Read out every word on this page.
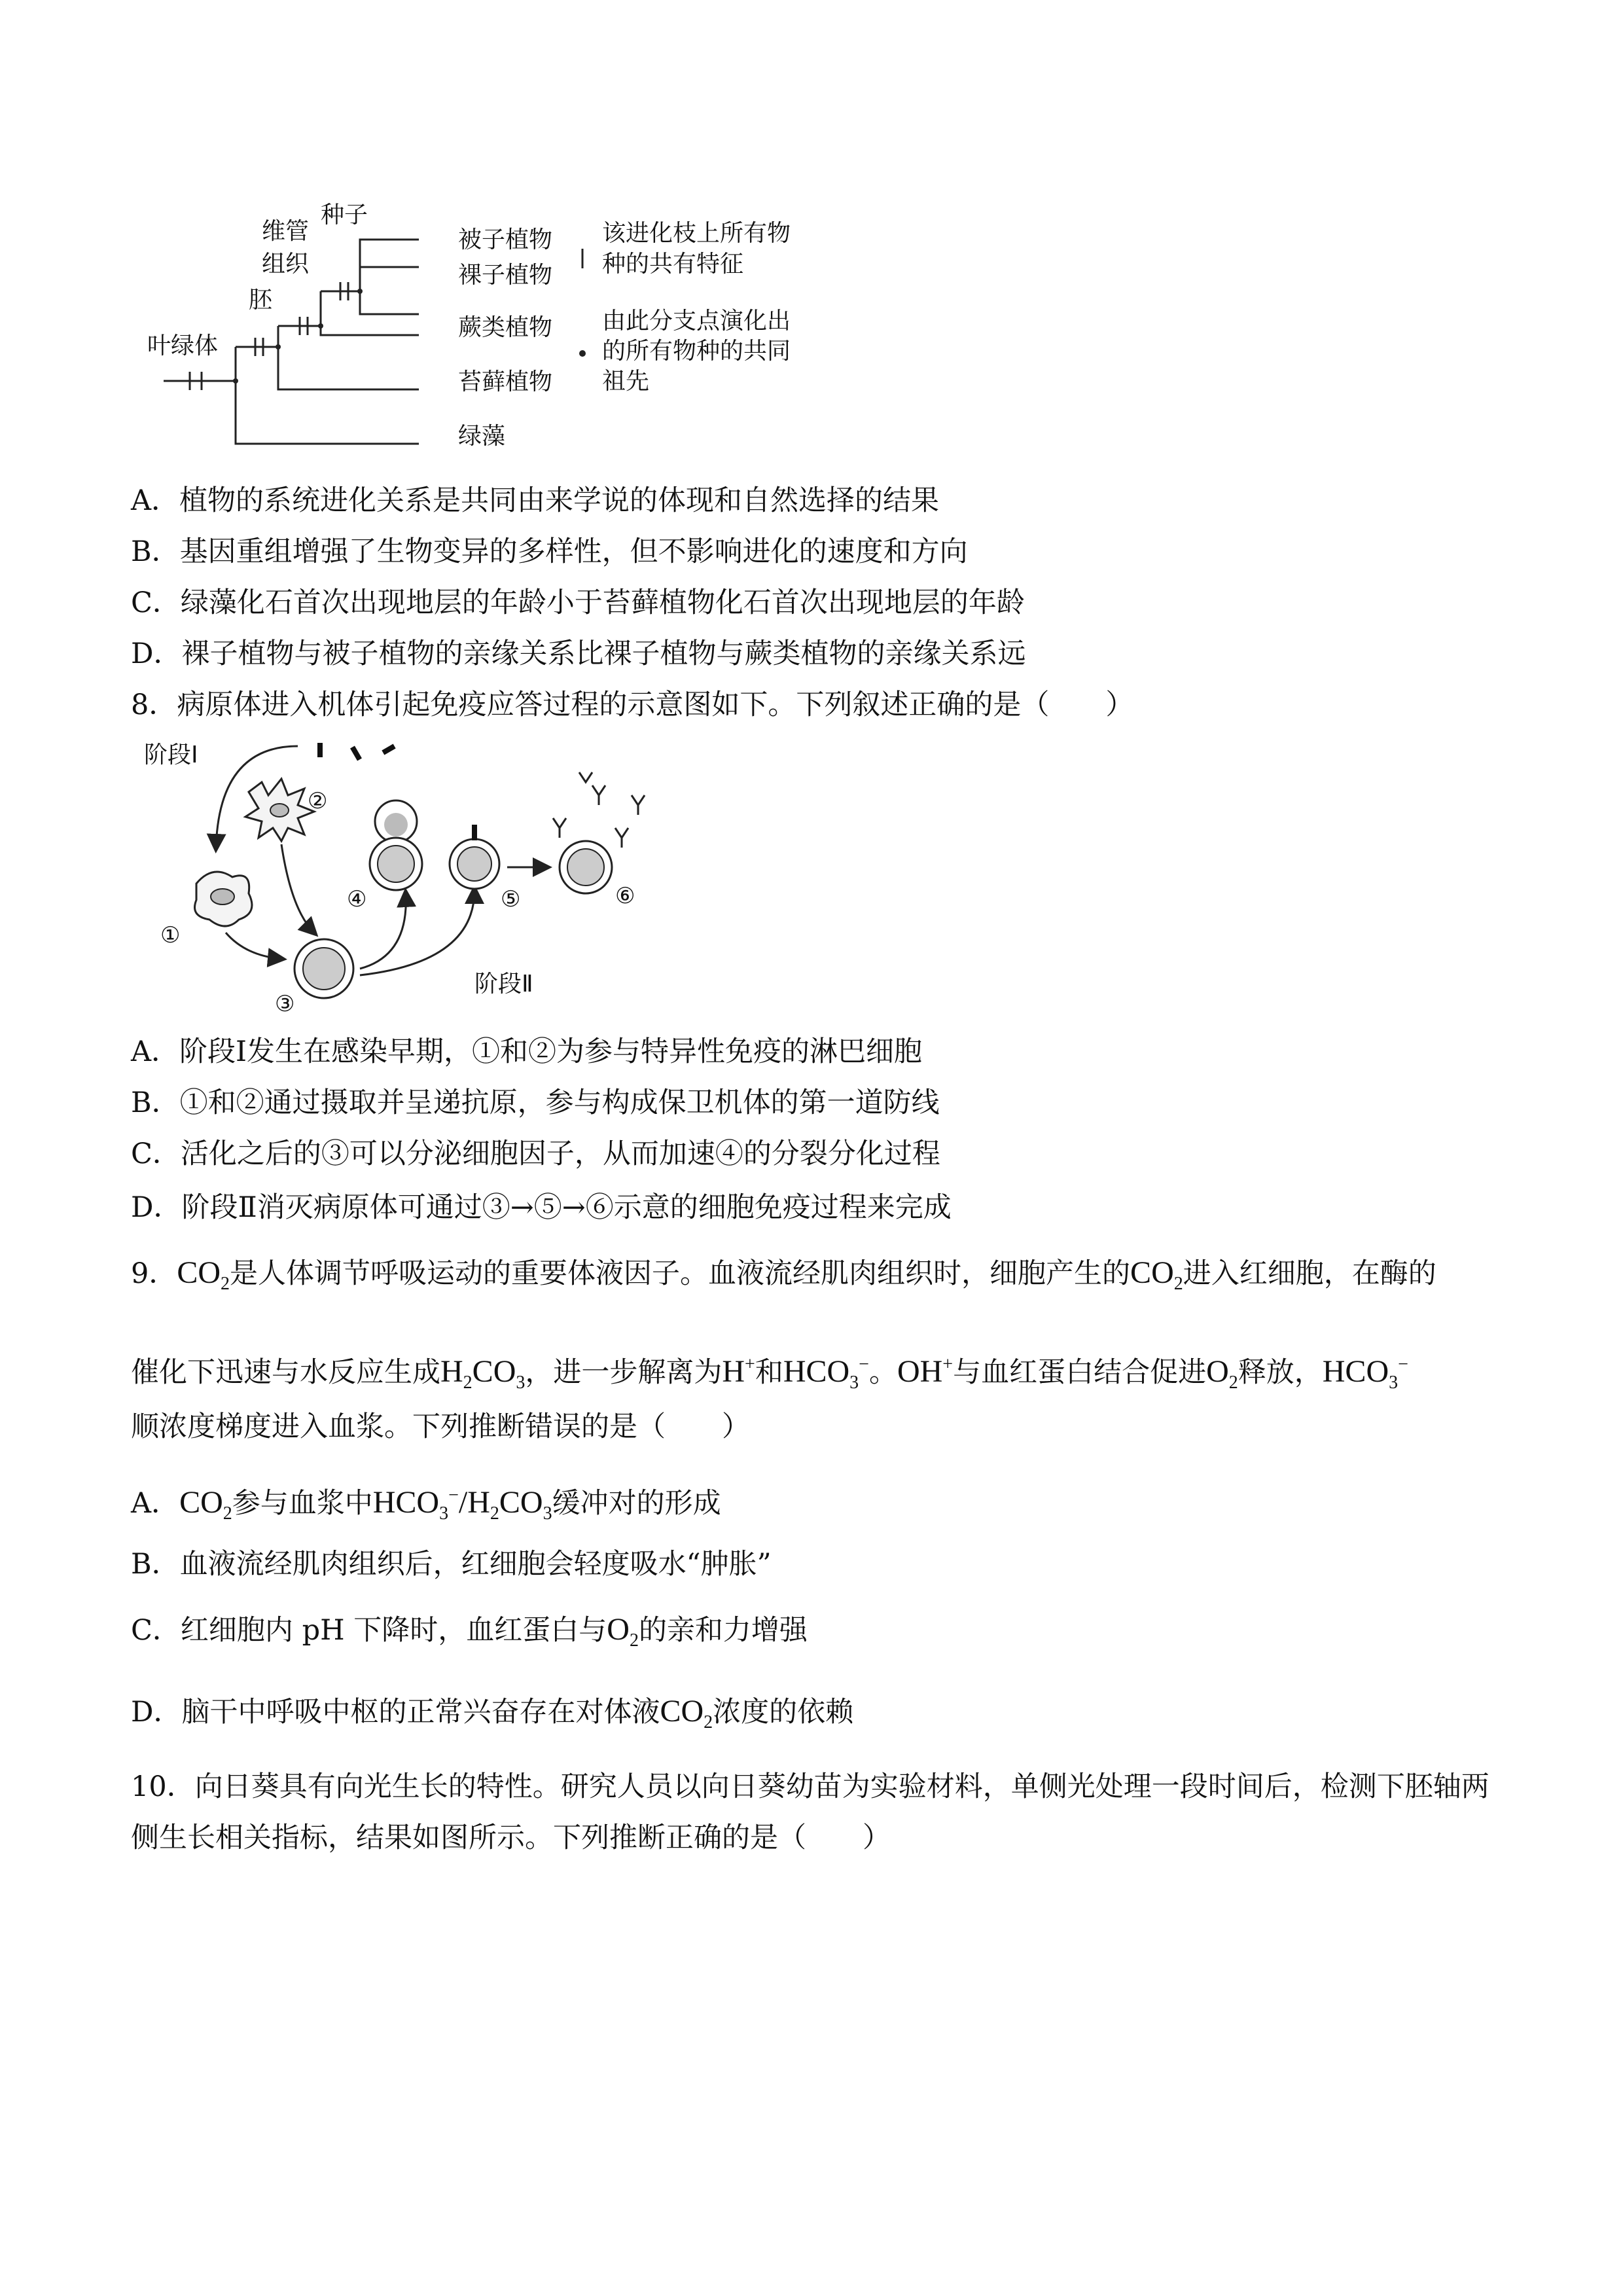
被子植物
裸子植物
蕨类植物
苔藓植物
绿藻
种子
维管
组织
胚
叶绿体
该进化枝上所有物
种的共有特征
由此分支点演化出
的所有物种的共同
祖先
A．植物的系统进化关系是共同由来学说的体现和自然选择的结果
B．基因重组增强了生物变异的多样性，但不影响进化的速度和方向
C．绿藻化石首次出现地层的年龄小于苔藓植物化石首次出现地层的年龄
D．裸子植物与被子植物的亲缘关系比裸子植物与蕨类植物的亲缘关系远
8．病原体进入机体引起免疫应答过程的示意图如下。下列叙述正确的是（　　）
阶段Ⅰ
阶段Ⅱ
①
②
③
④	⑤	⑥
A．阶段Ⅰ发生在感染早期，①和②为参与特异性免疫的淋巴细胞
B．①和②通过摄取并呈递抗原，参与构成保卫机体的第一道防线
C．活化之后的③可以分泌细胞因子，从而加速④的分裂分化过程
D．阶段Ⅱ消灭病原体可通过③→⑤→⑥示意的细胞免疫过程来完成
9．$CO_2$是人体调节呼吸运动的重要体液因子。血液流经肌肉组织时，细胞产生的$CO_2$进入红细胞，在酶的
催化下迅速与水反应生成$H_2CO_3$，进一步解离为H+和$HCO_3^-$。OH+与血红蛋白结合促进$O_2$释放，$HCO_3^-$
顺浓度梯度进入血浆。下列推断错误的是（　　）
A．$CO_2$参与血浆中$HCO_3^-/H_2CO_3$缓冲对的形成
B．血液流经肌肉组织后，红细胞会轻度吸水“肿胀”
C．红细胞内 pH 下降时，血红蛋白与$O_2$的亲和力增强
D．脑干中呼吸中枢的正常兴奋存在对体液$CO_2$浓度的依赖
10．向日葵具有向光生长的特性。研究人员以向日葵幼苗为实验材料，单侧光处理一段时间后，检测下胚轴两
侧生长相关指标，结果如图所示。下列推断正确的是（　　）
